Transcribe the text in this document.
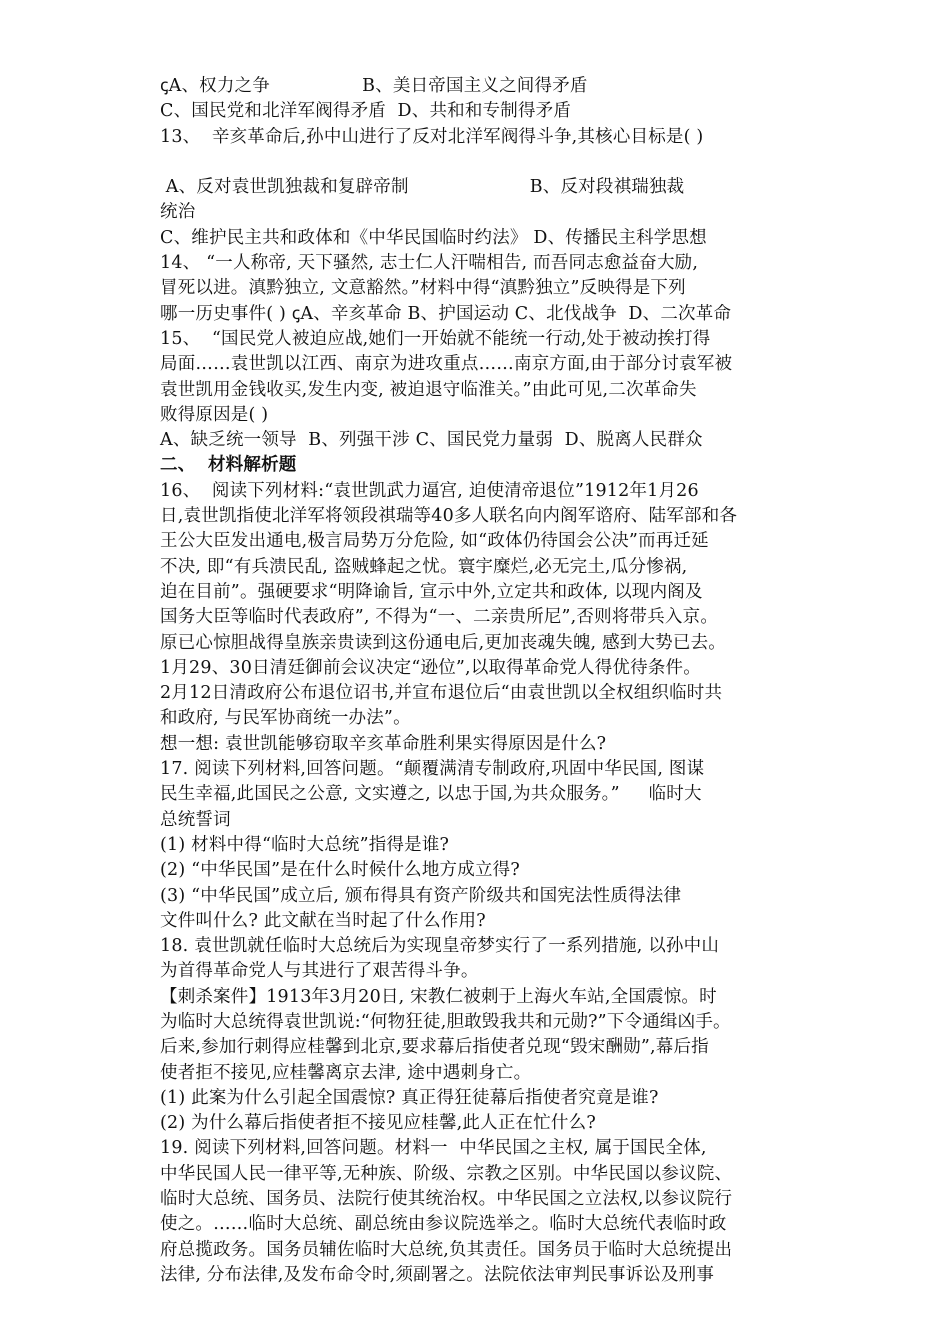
ꞔA、权力之争                B、美日帝国主义之间得矛盾
C、国民党和北洋军阀得矛盾  D、共和和专制得矛盾
13、  辛亥革命后,孙中山进行了反对北洋军阀得斗争,其核心目标是( )
A、反对袁世凯独裁和复辟帝制                     B、反对段祺瑞独裁
统治
C、维护民主共和政体和《中华民国临时约法》 D、传播民主科学思想
14、 “一人称帝, 天下骚然, 志士仁人汗喘相告, 而吾同志愈益奋大励,
冒死以进。滇黔独立, 文意豁然。”材料中得“滇黔独立”反映得是下列
哪一历史事件( ) ꞔA、辛亥革命 B、护国运动 C、北伐战争  D、二次革命
15、  “国民党人被迫应战,她们一开始就不能统一行动,处于被动挨打得
局面……袁世凯以江西、南京为进攻重点……南京方面,由于部分讨袁军被
袁世凯用金钱收买,发生内变, 被迫退守临淮关。”由此可见,二次革命失
败得原因是( )
A、缺乏统一领导  B、列强干涉 C、国民党力量弱  D、脱离人民群众
二、  材料解析题
16、  阅读下列材料:“袁世凯武力逼宫, 迫使清帝退位”1912年1月26
日,袁世凯指使北洋军将领段祺瑞等40多人联名向内阁军谘府、陆军部和各
王公大臣发出通电,极言局势万分危险, 如“政体仍待国会公决”而再迁延
不决, 即“有兵溃民乱, 盗贼蜂起之忧。寰宇糜烂,必无完土,瓜分惨祸,
迫在目前”。强硬要求“明降谕旨, 宣示中外,立定共和政体, 以现内阁及
国务大臣等临时代表政府”, 不得为“一、二亲贵所尼”,否则将带兵入京。
原已心惊胆战得皇族亲贵读到这份通电后,更加丧魂失魄, 感到大势已去。
1月29、30日清廷御前会议决定“逊位”,以取得革命党人得优待条件。
2月12日清政府公布退位诏书,并宣布退位后“由袁世凯以全权组织临时共
和政府, 与民军协商统一办法”。
想一想: 袁世凯能够窃取辛亥革命胜利果实得原因是什么?
17. 阅读下列材料,回答问题。“颠覆满清专制政府,巩固中华民国, 图谋
民生幸福,此国民之公意, 文实遵之, 以忠于国,为共众服务。”     临时大
总统誓词
(1) 材料中得“临时大总统”指得是谁?
(2) “中华民国”是在什么时候什么地方成立得?
(3) “中华民国”成立后, 颁布得具有资产阶级共和国宪法性质得法律
文件叫什么? 此文献在当时起了什么作用?
18. 袁世凯就任临时大总统后为实现皇帝梦实行了一系列措施, 以孙中山
为首得革命党人与其进行了艰苦得斗争。
【刺杀案件】1913年3月20日, 宋教仁被刺于上海火车站,全国震惊。时
为临时大总统得袁世凯说:“何物狂徒,胆敢毁我共和元勋?”下令通缉凶手。
后来,参加行刺得应桂馨到北京,要求幕后指使者兑现“毁宋酬勋”,幕后指
使者拒不接见,应桂馨离京去津, 途中遇刺身亡。
(1) 此案为什么引起全国震惊? 真正得狂徒幕后指使者究竟是谁?
(2) 为什么幕后指使者拒不接见应桂馨,此人正在忙什么?
19. 阅读下列材料,回答问题。材料一  中华民国之主权, 属于国民全体,
中华民国人民一律平等,无种族、阶级、宗教之区别。中华民国以参议院、
临时大总统、国务员、法院行使其统治权。中华民国之立法权,以参议院行
使之。……临时大总统、副总统由参议院选举之。临时大总统代表临时政
府总揽政务。国务员辅佐临时大总统,负其责任。国务员于临时大总统提出
法律, 分布法律,及发布命令时,须副署之。法院依法审判民事诉讼及刑事
